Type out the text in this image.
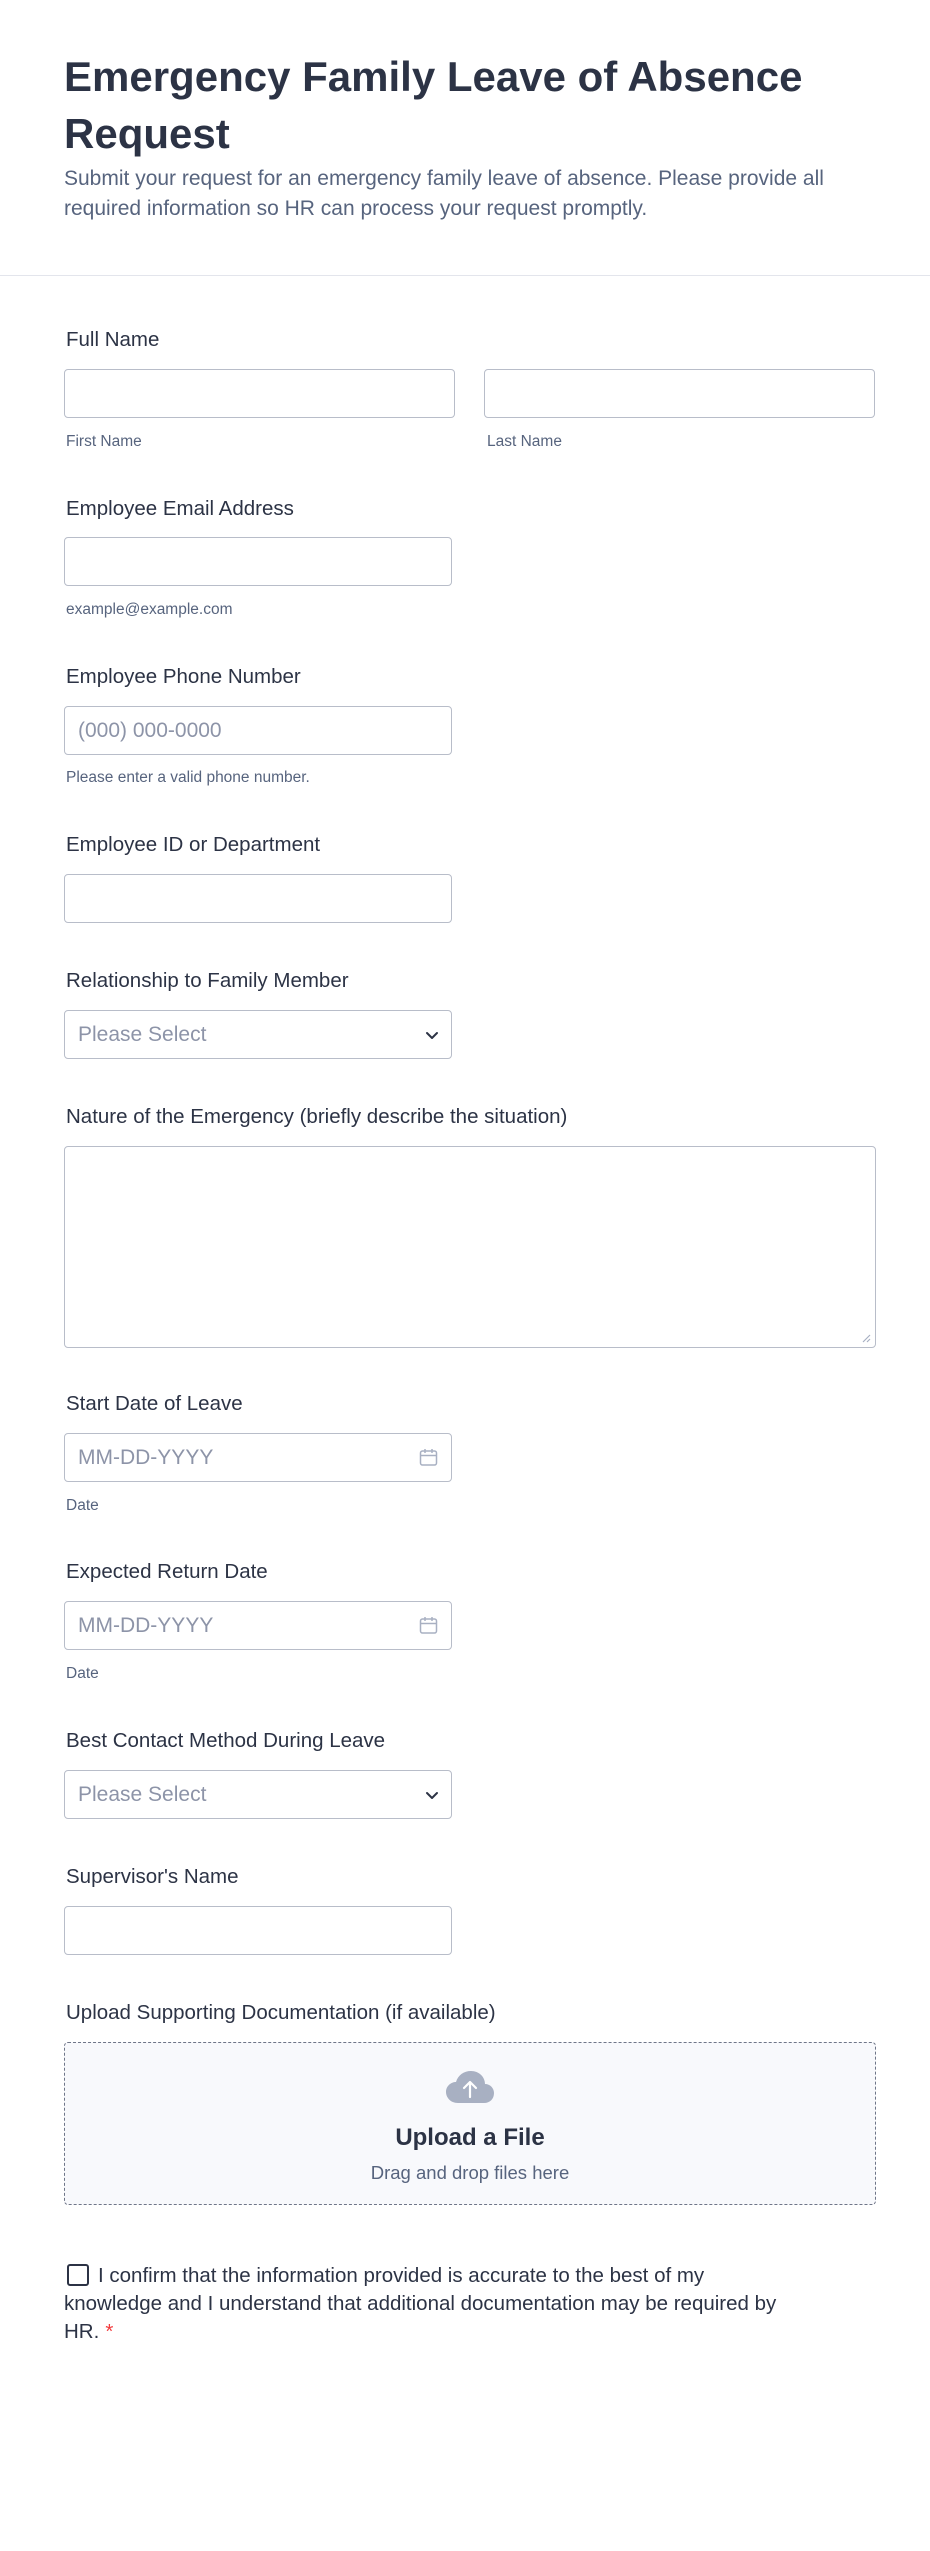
Emergency Family Leave of Absence Request

Submit your request for an emergency family leave of absence. Please provide all required information so HR can process your request promptly.

Full Name
First Name	Last Name
Employee Email Address
example@example.com
Employee Phone Number
(000) 000-0000
Please enter a valid phone number.
Employee ID or Department
Relationship to Family Member
Please Select
Nature of the Emergency (briefly describe the situation)
Start Date of Leave
MM-DD-YYYY
Date
Expected Return Date
MM-DD-YYYY
Date
Best Contact Method During Leave
Please Select
Supervisor's Name
Upload Supporting Documentation (if available)
Upload a File
Drag and drop files here
I confirm that the information provided is accurate to the best of my knowledge and I understand that additional documentation may be required by HR. *
